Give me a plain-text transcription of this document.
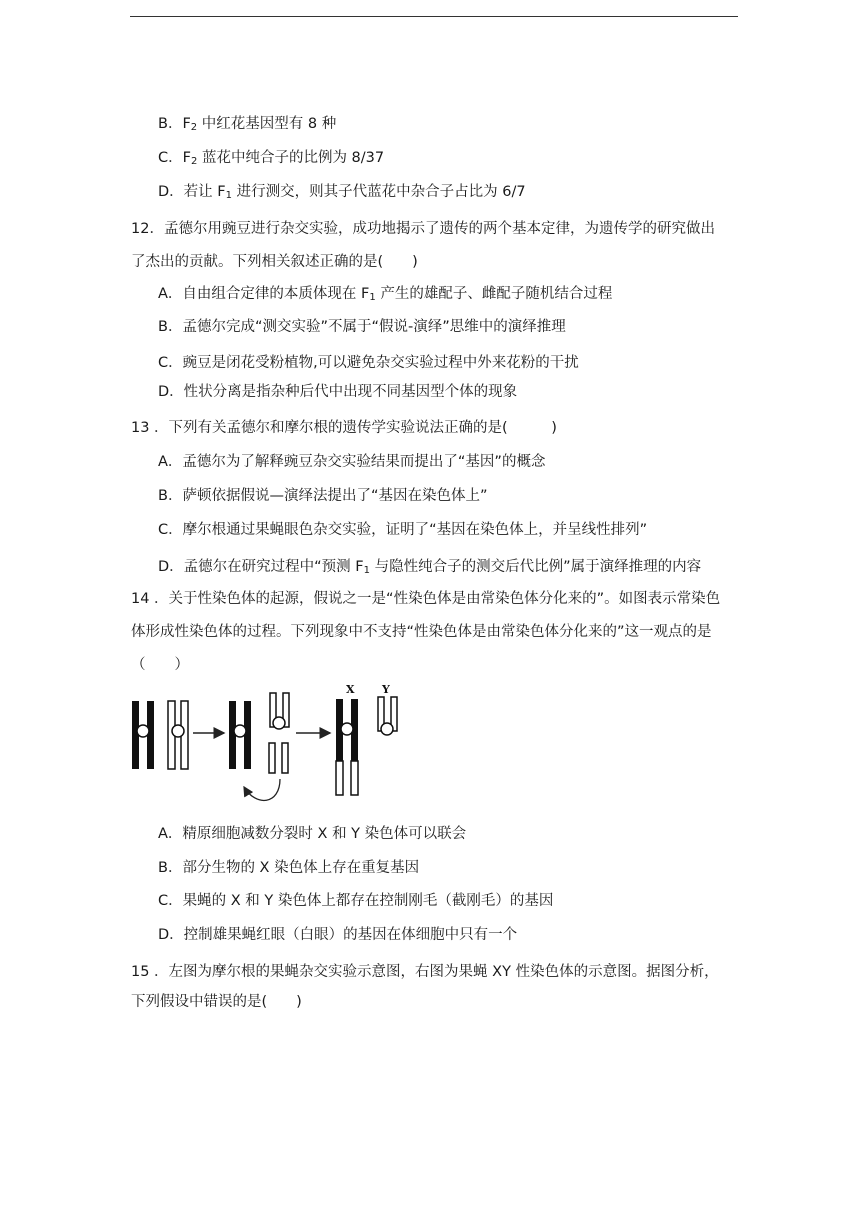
B．$F_2$ 中红花基因型有 8 种
C．$F_2$ 蓝花中纯合子的比例为 8/37
D．若让 $F_1$ 进行测交，则其子代蓝花中杂合子占比为 6/7
12．孟德尔用豌豆进行杂交实验，成功地揭示了遗传的两个基本定律，为遗传学的研究做出
了杰出的贡献。下列相关叙述正确的是(　　)
A．自由组合定律的本质体现在 $F_1$ 产生的雄配子、雌配子随机结合过程
B．孟德尔完成“测交实验”不属于“假说-演绎”思维中的演绎推理
C．豌豆是闭花受粉植物,可以避免杂交实验过程中外来花粉的干扰
D．性状分离是指杂种后代中出现不同基因型个体的现象
13 ．下列有关孟德尔和摩尔根的遗传学实验说法正确的是(　　　)
A．孟德尔为了解释豌豆杂交实验结果而提出了“基因”的概念
B．萨顿依据假说—演绎法提出了“基因在染色体上”
C．摩尔根通过果蝇眼色杂交实验，证明了“基因在染色体上，并呈线性排列”
D．孟德尔在研究过程中“预测 $F_1$ 与隐性纯合子的测交后代比例”属于演绎推理的内容
14 ．关于性染色体的起源，假说之一是“性染色体是由常染色体分化来的”。如图表示常染色
体形成性染色体的过程。下列现象中不支持“性染色体是由常染色体分化来的”这一观点的是
（　　）
X Y
A．精原细胞减数分裂时 X 和 Y 染色体可以联会
B．部分生物的 X 染色体上存在重复基因
C．果蝇的 X 和 Y 染色体上都存在控制刚毛（截刚毛）的基因
D．控制雄果蝇红眼（白眼）的基因在体细胞中只有一个
15 ．左图为摩尔根的果蝇杂交实验示意图，右图为果蝇 XY 性染色体的示意图。据图分析，
下列假设中错误的是(　　)
